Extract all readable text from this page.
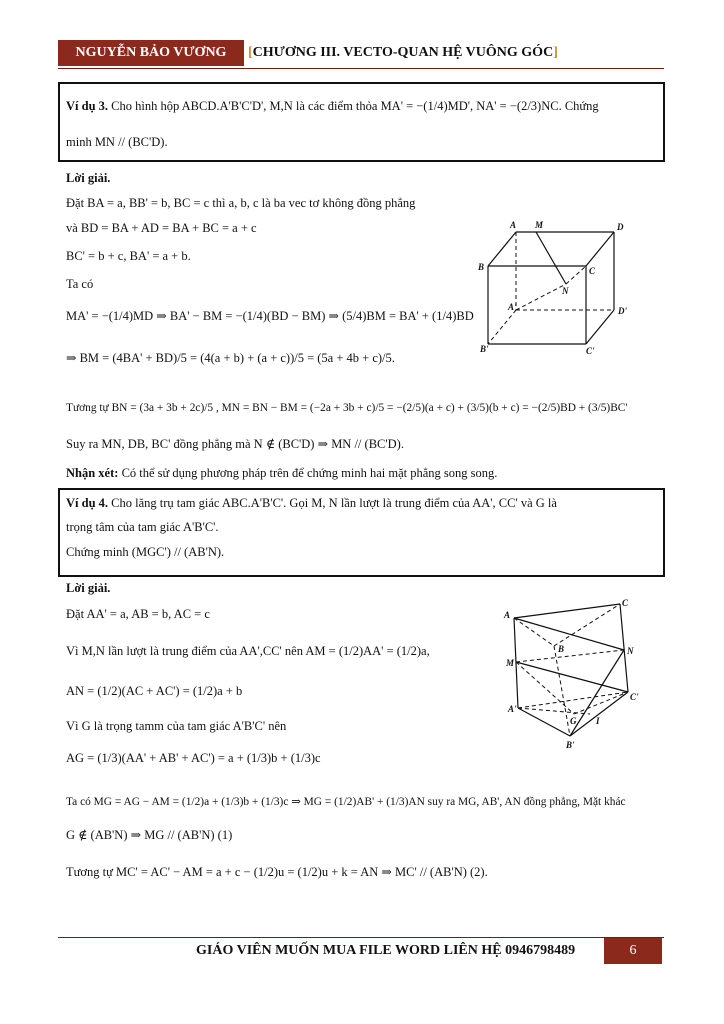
NGUYỄN BẢO VƯƠNG	[CHƯƠNG III. VECTO-QUAN HỆ VUÔNG GÓC]
Ví dụ 3. Cho hình hộp ABCD.A'B'C'D', M,N là các điểm thỏa MA' = −(1/4)MD', NA' = −(2/3)NC. Chứng
minh MN // (BC'D).
Lời giải.
Đặt BA = a, BB' = b, BC = c thì a, b, c là ba vec tơ không đồng phẳng
và BD = BA + AD = BA + BC = a + c
BC' = b + c, BA' = a + b.
Ta có
MA' = −(1/4)MD ⇒ BA' − BM = −(1/4)(BD − BM) ⇒ (5/4)BM = BA' + (1/4)BD
⇒ BM = (4BA' + BD)/5 = (4(a + b) + (a + c))/5 = (5a + 4b + c)/5.
Tương tự BN = (3a + 3b + 2c)/5 , MN = BN − BM = (−2a + 3b + c)/5 = −(2/5)(a + c) + (3/5)(b + c) = −(2/5)BD + (3/5)BC'
Suy ra MN, DB, BC' đồng phẳng mà N ∉ (BC'D) ⇒ MN // (BC'D).
Nhận xét: Có thể sử dụng phương pháp trên để chứng minh hai mặt phẳng song song.
A M	D
B	C
N
A'	D'
B'	C'
Ví dụ 4. Cho lăng trụ tam giác ABC.A'B'C'. Gọi M, N lần lượt là trung điểm của AA', CC' và G là
trọng tâm của tam giác A'B'C'.
Chứng minh (MGC') // (AB'N).
Lời giải.
Đặt AA' = a, AB = b, AC = c
Vì M,N lần lượt là trung điểm của AA',CC' nên AM = (1/2)AA' = (1/2)a,
AN = (1/2)(AC + AC') = (1/2)a + b
Vì G là trọng tamm của tam giác A'B'C' nên
AG = (1/3)(AA' + AB' + AC') = a + (1/3)b + (1/3)c
Ta có MG = AG − AM = (1/2)a + (1/3)b + (1/3)c ⇒ MG = (1/2)AB' + (1/3)AN suy ra MG, AB', AN đồng phẳng, Mặt khác
G ∉ (AB'N) ⇒ MG // (AB'N) (1)
Tương tự MC' = AC' − AM = a + c − (1/2)u = (1/2)u + k = AN ⇒ MC' // (AB'N) (2).
C
A
B	N
M
C'
A'
G I
B'
GIÁO VIÊN MUỐN MUA FILE WORD LIÊN HỆ 0946798489	6
